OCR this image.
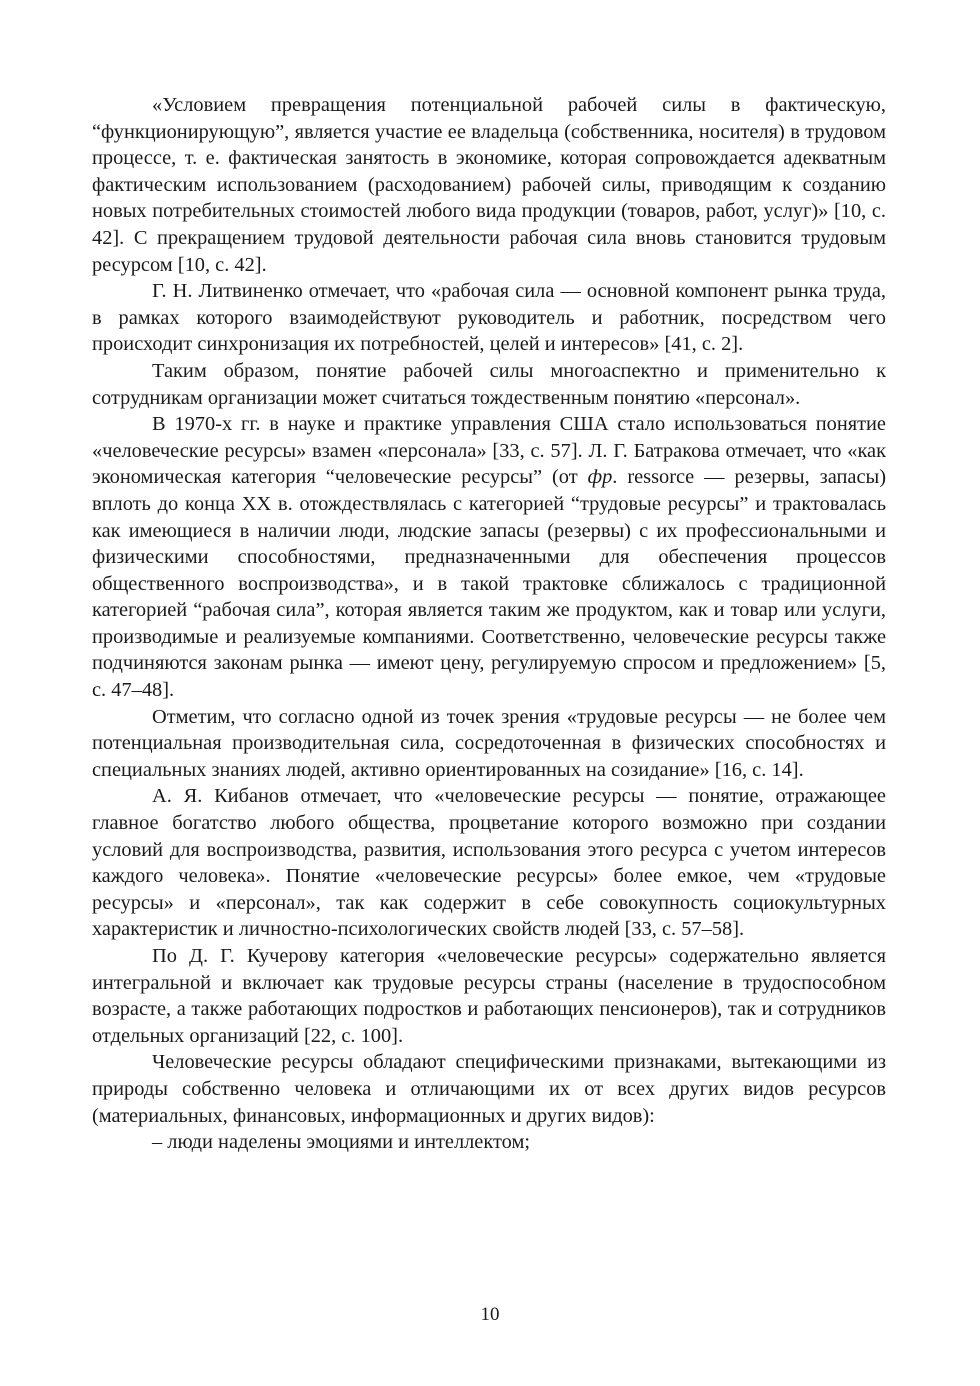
«Условием превращения потенциальной рабочей силы в фактическую, “функционирующую”, является участие ее владельца (собственника, носителя) в трудовом процессе, т. е. фактическая занятость в экономике, которая сопровождается адекватным фактическим использованием (расходованием) рабочей силы, приводящим к созданию новых потребительных стоимостей любого вида продукции (товаров, работ, услуг)» [10, с. 42]. С прекращением трудовой деятельности рабочая сила вновь становится трудовым ресурсом [10, с. 42].

Г. Н. Литвиненко отмечает, что «рабочая сила — основной компонент рынка труда, в рамках которого взаимодействуют руководитель и работник, посредством чего происходит синхронизация их потребностей, целей и интересов» [41, с. 2].

Таким образом, понятие рабочей силы многоаспектно и применительно к сотрудникам организации может считаться тождественным понятию «персонал».

В 1970-х гг. в науке и практике управления США стало использоваться понятие «человеческие ресурсы» взамен «персонала» [33, с. 57]. Л. Г. Батракова отмечает, что «как экономическая категория “человеческие ресурсы” (от фр. ressorce — резервы, запасы) вплоть до конца XX в. отождествлялась с категорией “трудовые ресурсы” и трактовалась как имеющиеся в наличии люди, людские запасы (резервы) с их профессиональными и физическими способностями, предназначенными для обеспечения процессов общественного воспроизводства», и в такой трактовке сближалось с традиционной категорией “рабочая сила”, которая является таким же продуктом, как и товар или услуги, производимые и реализуемые компаниями. Соответственно, человеческие ресурсы также подчиняются законам рынка — имеют цену, регулируемую спросом и предложением» [5, с. 47–48].

Отметим, что согласно одной из точек зрения «трудовые ресурсы — не более чем потенциальная производительная сила, сосредоточенная в физических способностях и специальных знаниях людей, активно ориентированных на созидание» [16, с. 14].

А. Я. Кибанов отмечает, что «человеческие ресурсы — понятие, отражающее главное богатство любого общества, процветание которого возможно при создании условий для воспроизводства, развития, использования этого ресурса с учетом интересов каждого человека». Понятие «человеческие ресурсы» более емкое, чем «трудовые ресурсы» и «персонал», так как содержит в себе совокупность социокультурных характеристик и личностно-психологических свойств людей [33, с. 57–58].

По Д. Г. Кучерову категория «человеческие ресурсы» содержательно является интегральной и включает как трудовые ресурсы страны (население в трудоспособном возрасте, а также работающих подростков и работающих пенсионеров), так и сотрудников отдельных организаций [22, с. 100].

Человеческие ресурсы обладают специфическими признаками, вытекающими из природы собственно человека и отличающими их от всех других видов ресурсов (материальных, финансовых, информационных и других видов):

– люди наделены эмоциями и интеллектом;

10
